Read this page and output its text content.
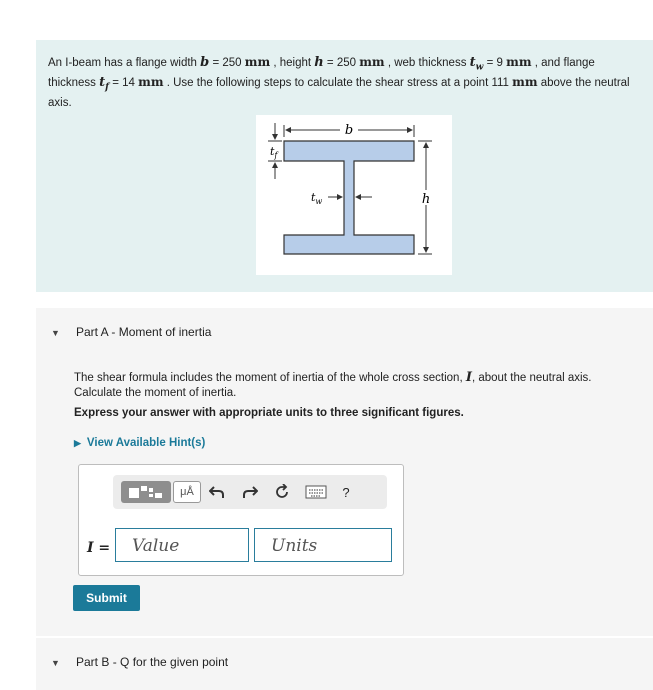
An I-beam has a flange width b = 250 mm , height h = 250 mm , web thickness $t_w = 9$ mm , and flange thickness $t_f = 14$ mm . Use the following steps to calculate the shear stress at a point 111 mm above the neutral axis.
b
h
$t_f$
$t_w$
▼ Part A - Moment of inertia
The shear formula includes the moment of inertia of the whole cross section, I, about the neutral axis. Calculate the moment of inertia.
Express your answer with appropriate units to three significant figures.
▶ View Available Hint(s)
μÅ	?
I =	Value	Units
Submit
▼ Part B - Q for the given point
